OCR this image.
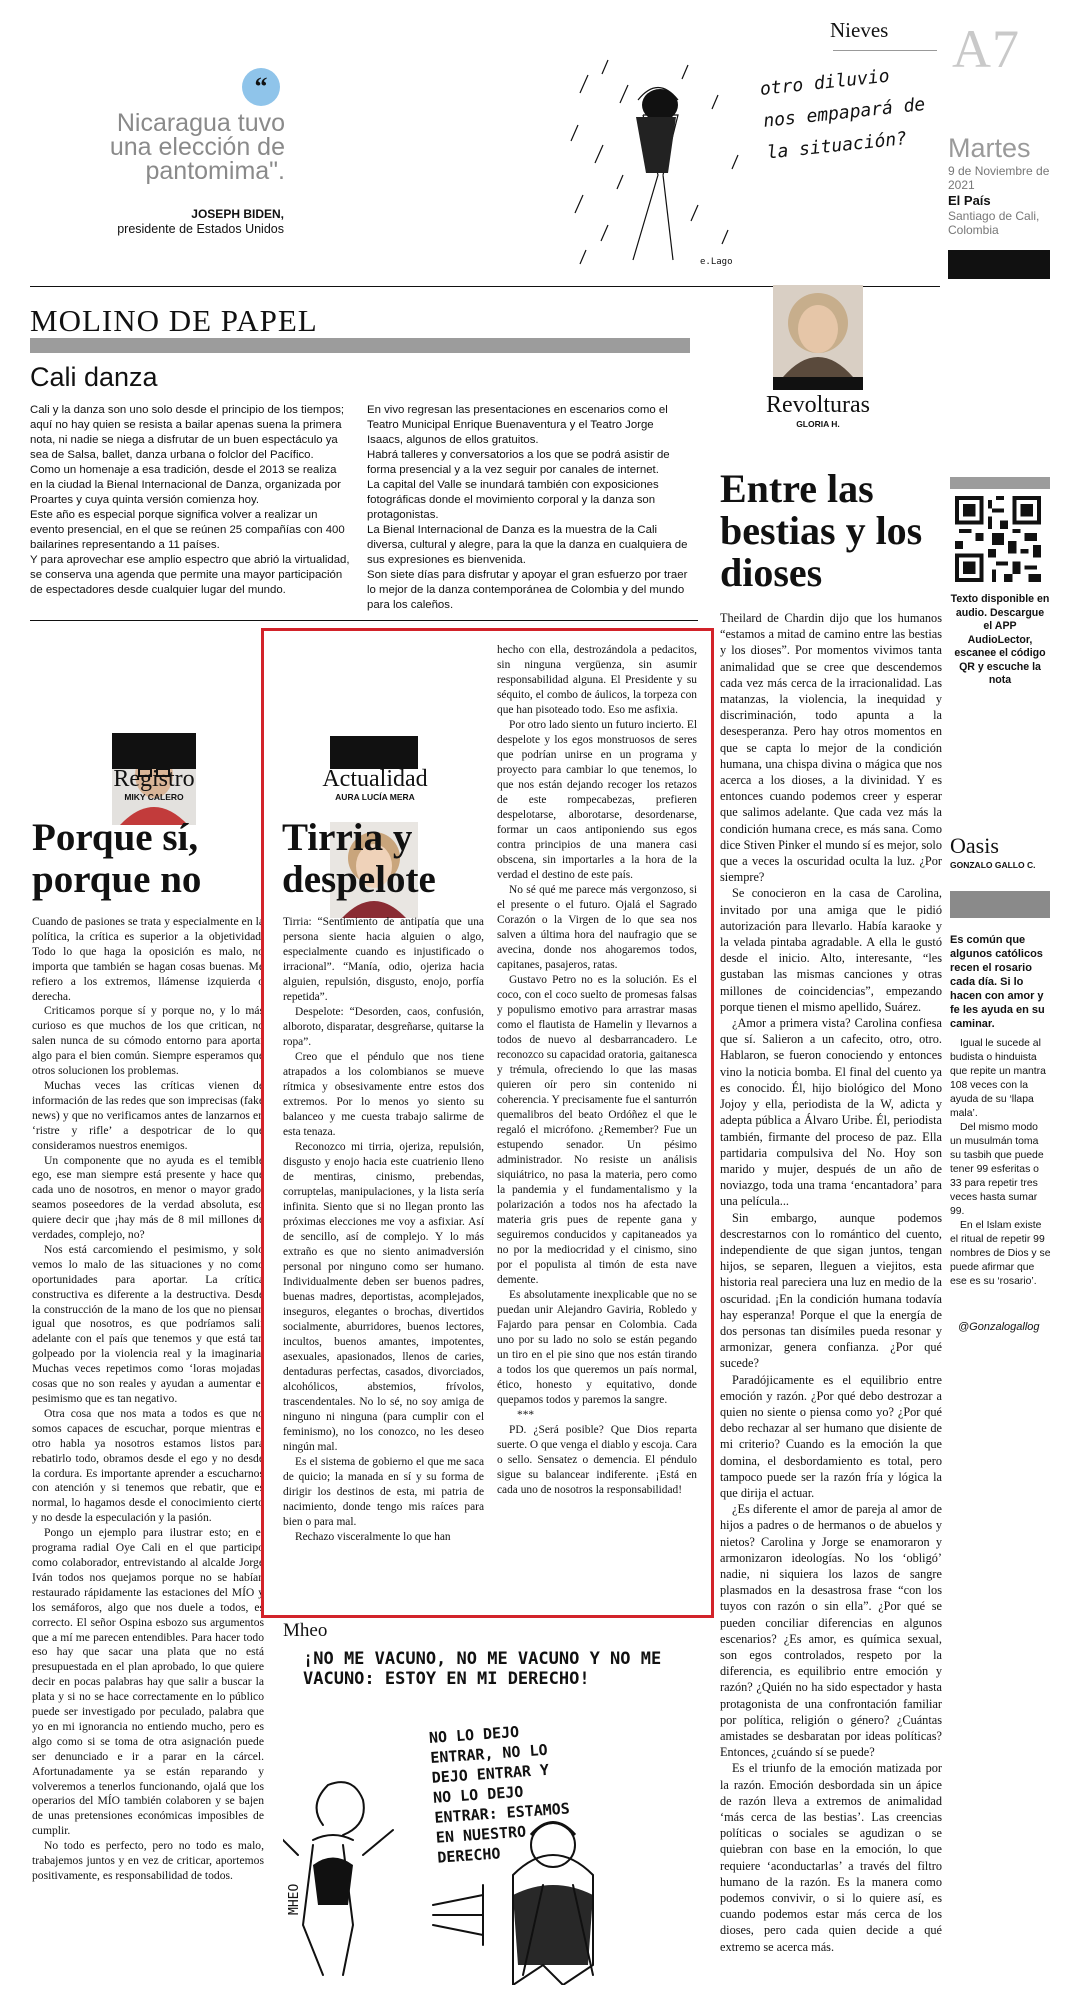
Nieves A7
Martes
9 de Noviembre de 2021
El País
Santiago de Cali, Colombia
“
Nicaragua tuvo una elección de pantomima".
JOSEPH BIDEN,
presidente de Estados Unidos
otro diluvio nos empapará de la situación?
e.Lago
MOLINO DE PAPEL
Cali danza

Cali y la danza son uno solo desde el principio de los tiempos; aquí no hay quien se resista a bailar apenas suena la primera nota, ni nadie se niega a disfrutar de un buen espectáculo ya sea de Salsa, ballet, danza urbana o folclor del Pacífico.

Como un homenaje a esa tradición, desde el 2013 se realiza en la ciudad la Bienal Internacional de Danza, organizada por Proartes y cuya quinta versión comienza hoy.

Este año es especial porque significa volver a realizar un evento presencial, en el que se reúnen 25 compañías con 400 bailarines representando a 11 países.

Y para aprovechar ese amplio espectro que abrió la virtualidad, se conserva una agenda que permite una mayor participación de espectadores desde cualquier lugar del mundo.

En vivo regresan las presentaciones en escenarios como el Teatro Municipal Enrique Buenaventura y el Teatro Jorge Isaacs, algunos de ellos gratuitos.

Habrá talleres y conversatorios a los que se podrá asistir de forma presencial y a la vez seguir por canales de internet.

La capital del Valle se inundará también con exposiciones fotográficas donde el movimiento corporal y la danza son protagonistas.

La Bienal Internacional de Danza es la muestra de la Cali diversa, cultural y alegre, para la que la danza en cualquiera de sus expresiones es bienvenida.

Son siete días para disfrutar y apoyar el gran esfuerzo por traer lo mejor de la danza contemporánea de Colombia y del mundo para los caleños.

Revolturas
GLORIA H.
Entre las bestias y los dioses

Theilard de Chardin dijo que los humanos “estamos a mitad de camino entre las bestias y los dioses”. Por momentos vivimos tanta animalidad que se cree que descendemos cada vez más cerca de la irracionalidad. Las matanzas, la violencia, la inequidad y discriminación, todo apunta a la desesperanza. Pero hay otros momentos en que se capta lo mejor de la condición humana, una chispa divina o mágica que nos acerca a los dioses, a la divinidad. Y es entonces cuando podemos creer y esperar que salimos adelante. Que cada vez más la condición humana crece, es más sana. Como dice Stiven Pinker el mundo sí es mejor, solo que a veces la oscuridad oculta la luz. ¿Por siempre?

Se conocieron en la casa de Carolina, invitado por una amiga que le pidió autorización para llevarlo. Había karaoke y la velada pintaba agradable. A ella le gustó desde el inicio. Alto, interesante, “les gustaban las mismas canciones y otras millones de coincidencias”, empezando porque tienen el mismo apellido, Suárez.

¿Amor a primera vista? Carolina confiesa que sí. Salieron a un cafecito, otro, otro. Hablaron, se fueron conociendo y entonces vino la noticia bomba. El final del cuento ya es conocido. Él, hijo biológico del Mono Jojoy y ella, periodista de la W, adicta y adepta pública a Álvaro Uribe. Él, periodista también, firmante del proceso de paz. Ella partidaria compulsiva del No. Hoy son marido y mujer, después de un año de noviazgo, toda una trama ‘encantadora’ para una película...

Sin embargo, aunque podemos descrestarnos con lo romántico del cuento, independiente de que sigan juntos, tengan hijos, se separen, lleguen a viejitos, esta historia real pareciera una luz en medio de la oscuridad. ¡En la condición humana todavía hay esperanza! Porque el que la energía de dos personas tan disímiles pueda resonar y armonizar, genera confianza. ¿Por qué sucede?

Paradójicamente es el equilibrio entre emoción y razón. ¿Por qué debo destrozar a quien no siente o piensa como yo? ¿Por qué debo rechazar al ser humano que disiente de mi criterio? Cuando es la emoción la que domina, el desbordamiento es total, pero tampoco puede ser la razón fría y lógica la que dirija el actuar.

¿Es diferente el amor de pareja al amor de hijos a padres o de hermanos o de abuelos y nietos? Carolina y Jorge se enamoraron y armonizaron ideologías. No los ‘obligó’ nadie, ni siquiera los lazos de sangre plasmados en la desastrosa frase “con los tuyos con razón o sin ella”. ¿Por qué se pueden conciliar diferencias en algunos escenarios? ¿Es amor, es química sexual, son egos controlados, respeto por la diferencia, es equilibrio entre emoción y razón? ¿Quién no ha sido espectador y hasta protagonista de una confrontación familiar por política, religión o género? ¿Cuántas amistades se desbaratan por ideas políticas? Entonces, ¿cuándo sí se puede?

Es el triunfo de la emoción matizada por la razón. Emoción desbordada sin un ápice de razón lleva a extremos de animalidad ‘más cerca de las bestias’. Las creencias políticas o sociales se agudizan o se quiebran con base en la emoción, lo que requiere ‘aconductarlas’ a través del filtro humano de la razón. Es la manera como podemos convivir, o si lo quiere así, es cuando podemos estar más cerca de los dioses, pero cada quien decide a qué extremo se acerca más.

Texto disponible en audio. Descargue el APP AudioLector, escanee el código QR y escuche la nota
Oasis
GONZALO GALLO C.
Es común que algunos católicos recen el rosario cada día. Si lo hacen con amor y fe les ayuda en su caminar.

Igual le sucede al budista o hinduista que repite un mantra 108 veces con la ayuda de su ‘llapa mala’.

Del mismo modo un musulmán toma su tasbih que puede tener 99 esferitas o 33 para repetir tres veces hasta sumar 99.

En el Islam existe el ritual de repetir 99 nombres de Dios y se puede afirmar que ese es su ‘rosario’.

@Gonzalogallog
Registro
MIKY CALERO
Porque sí, porque no

Cuando de pasiones se trata y especialmente en la política, la crítica es superior a la objetividad. Todo lo que haga la oposición es malo, no importa que también se hagan cosas buenas. Me refiero a los extremos, llámense izquierda o derecha.

Criticamos porque sí y porque no, y lo más curioso es que muchos de los que critican, no salen nunca de su cómodo entorno para aportar algo para el bien común. Siempre esperamos que otros solucionen los problemas.

Muchas veces las críticas vienen de información de las redes que son imprecisas (fake news) y que no verificamos antes de lanzarnos en ‘ristre y rifle’ a despotricar de lo que consideramos nuestros enemigos.

Un componente que no ayuda es el temible ego, ese man siempre está presente y hace que cada uno de nosotros, en menor o mayor grado, seamos poseedores de la verdad absoluta, eso quiere decir que ¡hay más de 8 mil millones de verdades, complejo, no?

Nos está carcomiendo el pesimismo, y solo vemos lo malo de las situaciones y no como oportunidades para aportar. La crítica constructiva es diferente a la destructiva. Desde la construcción de la mano de los que no piensan igual que nosotros, es que podríamos salir adelante con el país que tenemos y que está tan golpeado por la violencia real y la imaginaria. Muchas veces repetimos como ‘loras mojadas’ cosas que no son reales y ayudan a aumentar el pesimismo que es tan negativo.

Otra cosa que nos mata a todos es que no somos capaces de escuchar, porque mientras el otro habla ya nosotros estamos listos para rebatirlo todo, obramos desde el ego y no desde la cordura. Es importante aprender a escucharnos con atención y si tenemos que rebatir, que es normal, lo hagamos desde el conocimiento cierto y no desde la especulación y la pasión.

Pongo un ejemplo para ilustrar esto; en el programa radial Oye Cali en el que participo como colaborador, entrevistando al alcalde Jorge Iván todos nos quejamos porque no se habían restaurado rápidamente las estaciones del MÍO y los semáforos, algo que nos duele a todos, es correcto. El señor Ospina esbozo sus argumentos que a mí me parecen entendibles. Para hacer todo eso hay que sacar una plata que no está presupuestada en el plan aprobado, lo que quiere decir en pocas palabras hay que salir a buscar la plata y si no se hace correctamente en lo público puede ser investigado por peculado, palabra que yo en mi ignorancia no entiendo mucho, pero es algo como si se toma de otra asignación puede ser denunciado e ir a parar en la cárcel. Afortunadamente ya se están reparando y volveremos a tenerlos funcionando, ojalá que los operarios del MÍO también colaboren y se bajen de unas pretensiones económicas imposibles de cumplir.

No todo es perfecto, pero no todo es malo, trabajemos juntos y en vez de criticar, aportemos positivamente, es responsabilidad de todos.

Actualidad
AURA LUCÍA MERA
Tirria y despelote

Tirria: “Sentimiento de antipatía que una persona siente hacia alguien o algo, especialmente cuando es injustificado o irracional”. “Manía, odio, ojeriza hacia alguien, repulsión, disgusto, enojo, porfía repetida”.

Despelote: “Desorden, caos, confusión, alboroto, disparatar, desgreñarse, quitarse la ropa”.

Creo que el péndulo que nos tiene atrapados a los colombianos se mueve rítmica y obsesivamente entre estos dos extremos. Por lo menos yo siento su balanceo y me cuesta trabajo salirme de esta tenaza.

Reconozco mi tirria, ojeriza, repulsión, disgusto y enojo hacia este cuatrienio lleno de mentiras, cinismo, prebendas, corruptelas, manipulaciones, y la lista sería infinita. Siento que si no llegan pronto las próximas elecciones me voy a asfixiar. Así de sencillo, así de complejo. Y lo más extraño es que no siento animadversión personal por ninguno como ser humano. Individualmente deben ser buenos padres, buenas madres, deportistas, acomplejados, inseguros, elegantes o brochas, divertidos socialmente, aburridores, buenos lectores, incultos, buenos amantes, impotentes, asexuales, apasionados, llenos de caries, dentaduras perfectas, casados, divorciados, alcohólicos, abstemios, frívolos, trascendentales. No lo sé, no soy amiga de ninguno ni ninguna (para cumplir con el feminismo), no los conozco, no les deseo ningún mal.

Es el sistema de gobierno el que me saca de quicio; la manada en sí y su forma de dirigir los destinos de esta, mi patria de nacimiento, donde tengo mis raíces para bien o para mal.

Rechazo visceralmente lo que han

hecho con ella, destrozándola a pedacitos, sin ninguna vergüenza, sin asumir responsabilidad alguna. El Presidente y su séquito, el combo de áulicos, la torpeza con que han pisoteado todo. Eso me asfixia.

Por otro lado siento un futuro incierto. El despelote y los egos monstruosos de seres que podrían unirse en un programa y proyecto para cambiar lo que tenemos, lo que nos están dejando recoger los retazos de este rompecabezas, prefieren despelotarse, alborotarse, desordenarse, formar un caos antiponiendo sus egos contra principios de una manera casi obscena, sin importarles a la hora de la verdad el destino de este país.

No sé qué me parece más vergonzoso, si el presente o el futuro. Ojalá el Sagrado Corazón o la Virgen de lo que sea nos salven a última hora del naufragio que se avecina, donde nos ahogaremos todos, capitanes, pasajeros, ratas.

Gustavo Petro no es la solución. Es el coco, con el coco suelto de promesas falsas y populismo emotivo para arrastrar masas como el flautista de Hamelin y llevarnos a todos de nuevo al desbarrancadero. Le reconozco su capacidad oratoria, gaitanesca y trémula, ofreciendo lo que las masas quieren oír pero sin contenido ni coherencia. Y precisamente fue el santurrón quemalibros del beato Ordóñez el que le regaló el micrófono. ¿Remember? Fue un estupendo senador. Un pésimo administrador. No resiste un análisis siquiátrico, no pasa la materia, pero como la pandemia y el fundamentalismo y la polarización a todos nos ha afectado la materia gris pues de repente gana y seguiremos conducidos y capitaneados ya no por la mediocridad y el cinismo, sino por el populista al timón de esta nave demente.

Es absolutamente inexplicable que no se puedan unir Alejandro Gaviria, Robledo y Fajardo para pensar en Colombia. Cada uno por su lado no solo se están pegando un tiro en el pie sino que nos están tirando a todos los que queremos un país normal, ético, honesto y equitativo, donde quepamos todos y paremos la sangre.

***

PD. ¿Será posible? Que Dios reparta suerte. O que venga el diablo y escoja. Cara o sello. Sensatez o demencia. El péndulo sigue su balancear indiferente. ¡Está en cada uno de nosotros la responsabilidad!

Mheo
¡NO ME VACUNO, NO ME VACUNO Y NO ME VACUNO: ESTOY EN MI DERECHO!
NO LO DEJO ENTRAR, NO LO DEJO ENTRAR Y NO LO DEJO ENTRAR: ESTAMOS EN NUESTRO DERECHO
MHEO
